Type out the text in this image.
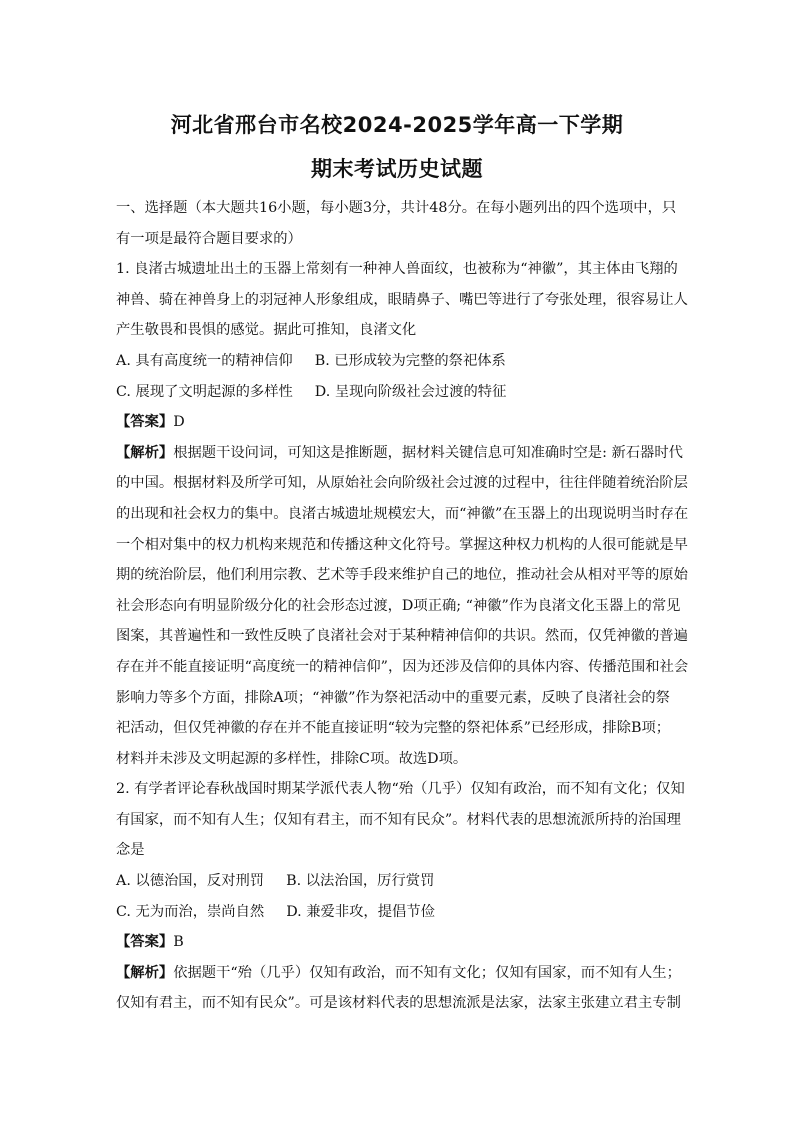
河北省邢台市名校2024-2025学年高一下学期
期末考试历史试题

一、选择题（本大题共16小题，每小题3分，共计48分。在每小题列出的四个选项中，只

有一项是最符合题目要求的）

1. 良渚古城遗址出土的玉器上常刻有一种神人兽面纹，也被称为“神徽”，其主体由飞翔的

神兽、骑在神兽身上的羽冠神人形象组成，眼睛鼻子、嘴巴等进行了夸张处理，很容易让人

产生敬畏和畏惧的感觉。据此可推知，良渚文化

A. 具有高度统一的精神信仰 B. 已形成较为完整的祭祀体系

C. 展现了文明起源的多样性 D. 呈现向阶级社会过渡的特征

【答案】D

【解析】根据题干设问词，可知这是推断题，据材料关键信息可知准确时空是: 新石器时代

的中国。根据材料及所学可知，从原始社会向阶级社会过渡的过程中，往往伴随着统治阶层

的出现和社会权力的集中。良渚古城遗址规模宏大，而“神徽”在玉器上的出现说明当时存在

一个相对集中的权力机构来规范和传播这种文化符号。掌握这种权力机构的人很可能就是早

期的统治阶层，他们利用宗教、艺术等手段来维护自己的地位，推动社会从相对平等的原始

社会形态向有明显阶级分化的社会形态过渡，D项正确; “神徽”作为良渚文化玉器上的常见

图案，其普遍性和一致性反映了良渚社会对于某种精神信仰的共识。然而，仅凭神徽的普遍

存在并不能直接证明“高度统一的精神信仰”，因为还涉及信仰的具体内容、传播范围和社会

影响力等多个方面，排除A项；“神徽”作为祭祀活动中的重要元素，反映了良渚社会的祭

祀活动，但仅凭神徽的存在并不能直接证明“较为完整的祭祀体系”已经形成，排除B项；

材料并未涉及文明起源的多样性，排除C项。故选D项。

2. 有学者评论春秋战国时期某学派代表人物“殆（几乎）仅知有政治，而不知有文化；仅知

有国家，而不知有人生；仅知有君主，而不知有民众”。材料代表的思想流派所持的治国理

念是

A. 以德治国，反对刑罚 B. 以法治国，厉行赏罚

C. 无为而治，崇尚自然 D. 兼爱非攻，提倡节俭

【答案】B

【解析】依据题干“殆（几乎）仅知有政治，而不知有文化；仅知有国家，而不知有人生；

仅知有君主，而不知有民众”。可是该材料代表的思想流派是法家，法家主张建立君主专制
